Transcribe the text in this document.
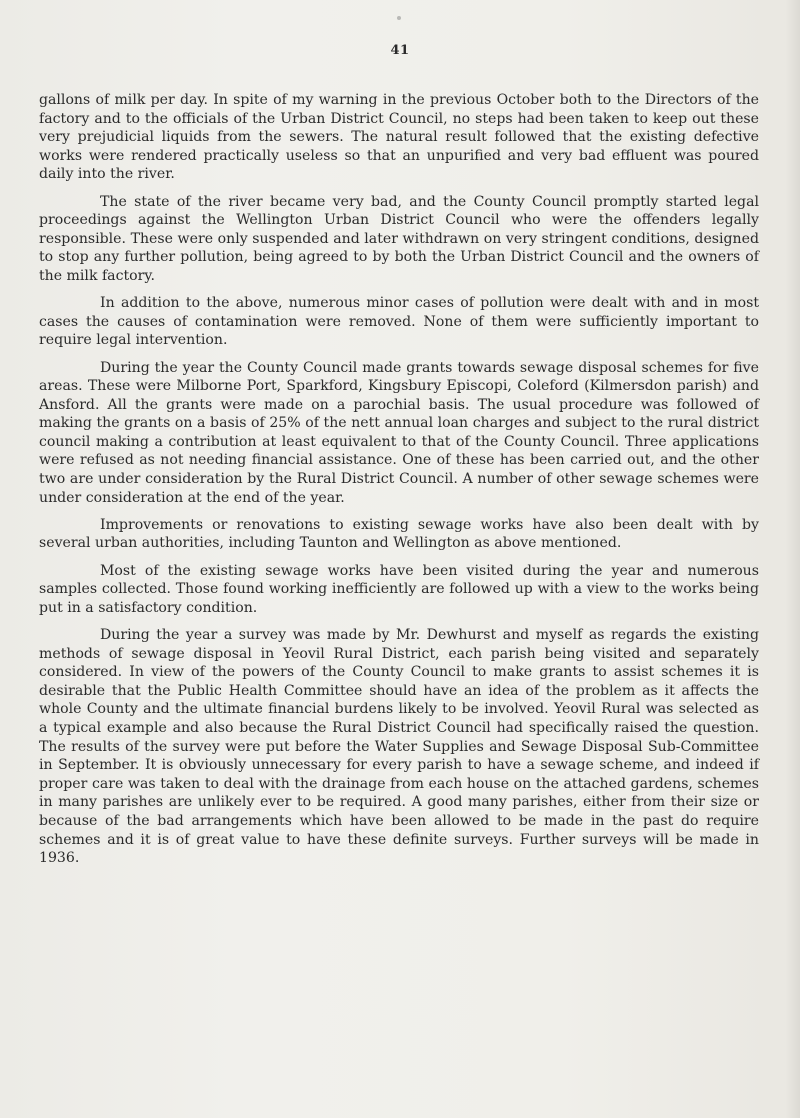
41

gallons of milk per day. In spite of my warning in the previous October both to the Directors of the factory and to the officials of the Urban District Council, no steps had been taken to keep out these very prejudicial liquids from the sewers. The natural result followed that the existing defective works were rendered practically useless so that an unpurified and very bad effluent was poured daily into the river.

The state of the river became very bad, and the County Council promptly started legal proceedings against the Wellington Urban District Council who were the offenders legally responsible. These were only suspended and later withdrawn on very stringent conditions, designed to stop any further pollution, being agreed to by both the Urban District Council and the owners of the milk factory.

In addition to the above, numerous minor cases of pollution were dealt with and in most cases the causes of contamination were removed. None of them were sufficiently important to require legal intervention.

During the year the County Council made grants towards sewage disposal schemes for five areas. These were Milborne Port, Sparkford, Kingsbury Episcopi, Coleford (Kilmersdon parish) and Ansford. All the grants were made on a parochial basis. The usual procedure was followed of making the grants on a basis of 25% of the nett annual loan charges and subject to the rural district council making a contribution at least equivalent to that of the County Council. Three applications were refused as not needing financial assistance. One of these has been carried out, and the other two are under consideration by the Rural District Council. A number of other sewage schemes were under consideration at the end of the year.

Improvements or renovations to existing sewage works have also been dealt with by several urban authorities, including Taunton and Wellington as above mentioned.

Most of the existing sewage works have been visited during the year and numerous samples collected. Those found working inefficiently are followed up with a view to the works being put in a satisfactory condition.

During the year a survey was made by Mr. Dewhurst and myself as regards the existing methods of sewage disposal in Yeovil Rural District, each parish being visited and separately considered. In view of the powers of the County Council to make grants to assist schemes it is desirable that the Public Health Committee should have an idea of the problem as it affects the whole County and the ultimate financial burdens likely to be involved. Yeovil Rural was selected as a typical example and also because the Rural District Council had specifically raised the question. The results of the survey were put before the Water Supplies and Sewage Disposal Sub-Committee in September. It is obviously unnecessary for every parish to have a sewage scheme, and indeed if proper care was taken to deal with the drainage from each house on the attached gardens, schemes in many parishes are unlikely ever to be required. A good many parishes, either from their size or because of the bad arrangements which have been allowed to be made in the past do require schemes and it is of great value to have these definite surveys. Further surveys will be made in 1936.
